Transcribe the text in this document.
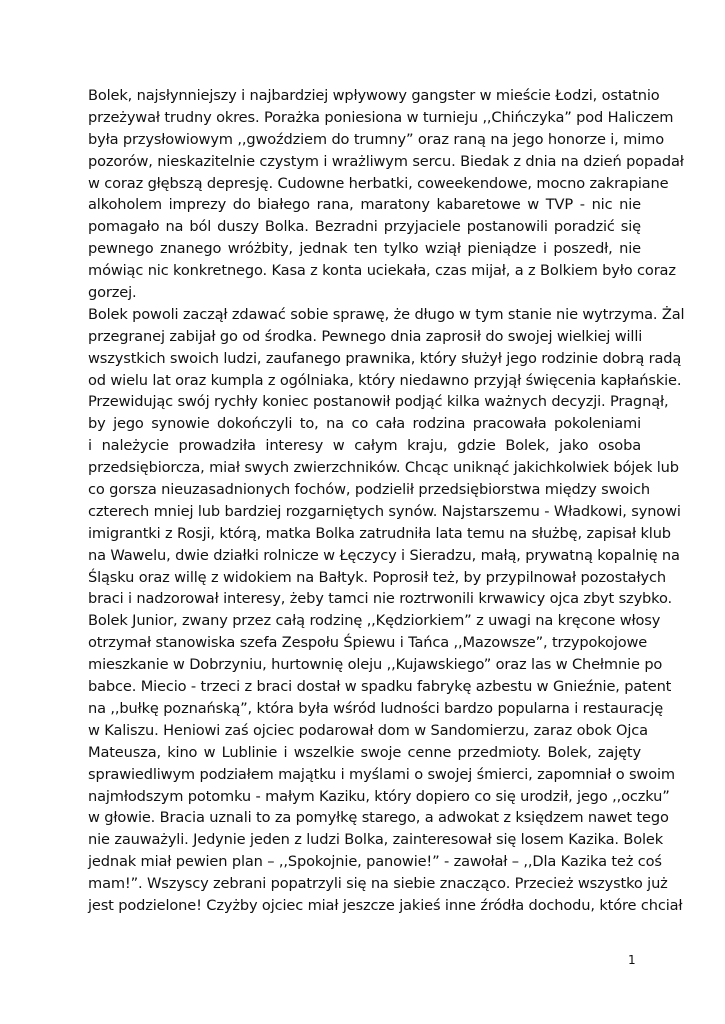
Bolek, najsłynniejszy i najbardziej wpływowy gangster w mieście Łodzi, ostatnio
przeżywał trudny okres. Porażka poniesiona w turnieju ,,Chińczyka” pod Haliczem
była przysłowiowym ,,gwoździem do trumny” oraz raną na jego honorze i, mimo
pozorów, nieskazitelnie czystym i wrażliwym sercu. Biedak z dnia na dzień popadał
w coraz głębszą depresję. Cudowne herbatki, coweekendowe, mocno zakrapiane
alkoholem imprezy do białego rana, maratony kabaretowe w TVP - nic nie
pomagało na ból duszy Bolka. Bezradni przyjaciele postanowili poradzić się
pewnego znanego wróżbity, jednak ten tylko wziął pieniądze i poszedł, nie
mówiąc nic konkretnego. Kasa z konta uciekała, czas mijał, a z Bolkiem było coraz
gorzej.
Bolek powoli zaczął zdawać sobie sprawę, że długo w tym stanie nie wytrzyma. Żal
przegranej zabijał go od środka. Pewnego dnia zaprosił do swojej wielkiej willi
wszystkich swoich ludzi, zaufanego prawnika, który służył jego rodzinie dobrą radą
od wielu lat oraz kumpla z ogólniaka, który niedawno przyjął święcenia kapłańskie.
Przewidując swój rychły koniec postanowił podjąć kilka ważnych decyzji. Pragnął,
by jego synowie dokończyli to, na co cała rodzina pracowała pokoleniami
i należycie prowadziła interesy w całym kraju, gdzie Bolek, jako osoba
przedsiębiorcza, miał swych zwierzchników. Chcąc uniknąć jakichkolwiek bójek lub
co gorsza nieuzasadnionych fochów, podzielił przedsiębiorstwa między swoich
czterech mniej lub bardziej rozgarniętych synów. Najstarszemu - Władkowi, synowi
imigrantki z Rosji, którą, matka Bolka zatrudniła lata temu na służbę, zapisał klub
na Wawelu, dwie działki rolnicze w Łęczycy i Sieradzu, małą, prywatną kopalnię na
Śląsku oraz willę z widokiem na Bałtyk. Poprosił też, by przypilnował pozostałych
braci i nadzorował interesy, żeby tamci nie roztrwonili krwawicy ojca zbyt szybko.
Bolek Junior, zwany przez całą rodzinę ,,Kędziorkiem” z uwagi na kręcone włosy
otrzymał stanowiska szefa Zespołu Śpiewu i Tańca ,,Mazowsze”, trzypokojowe
mieszkanie w Dobrzyniu, hurtownię oleju ,,Kujawskiego” oraz las w Chełmnie po
babce. Miecio - trzeci z braci dostał w spadku fabrykę azbestu w Gnieźnie, patent
na ,,bułkę poznańską”, która była wśród ludności bardzo popularna i restaurację
w Kaliszu. Heniowi zaś ojciec podarował dom w Sandomierzu, zaraz obok Ojca
Mateusza, kino w Lublinie i wszelkie swoje cenne przedmioty. Bolek, zajęty
sprawiedliwym podziałem majątku i myślami o swojej śmierci, zapomniał o swoim
najmłodszym potomku - małym Kaziku, który dopiero co się urodził, jego ,,oczku”
w głowie. Bracia uznali to za pomyłkę starego, a adwokat z księdzem nawet tego
nie zauważyli. Jedynie jeden z ludzi Bolka, zainteresował się losem Kazika. Bolek
jednak miał pewien plan – ,,Spokojnie, panowie!” - zawołał – ,,Dla Kazika też coś
mam!”. Wszyscy zebrani popatrzyli się na siebie znacząco. Przecież wszystko już
jest podzielone! Czyżby ojciec miał jeszcze jakieś inne źródła dochodu, które chciał
1
